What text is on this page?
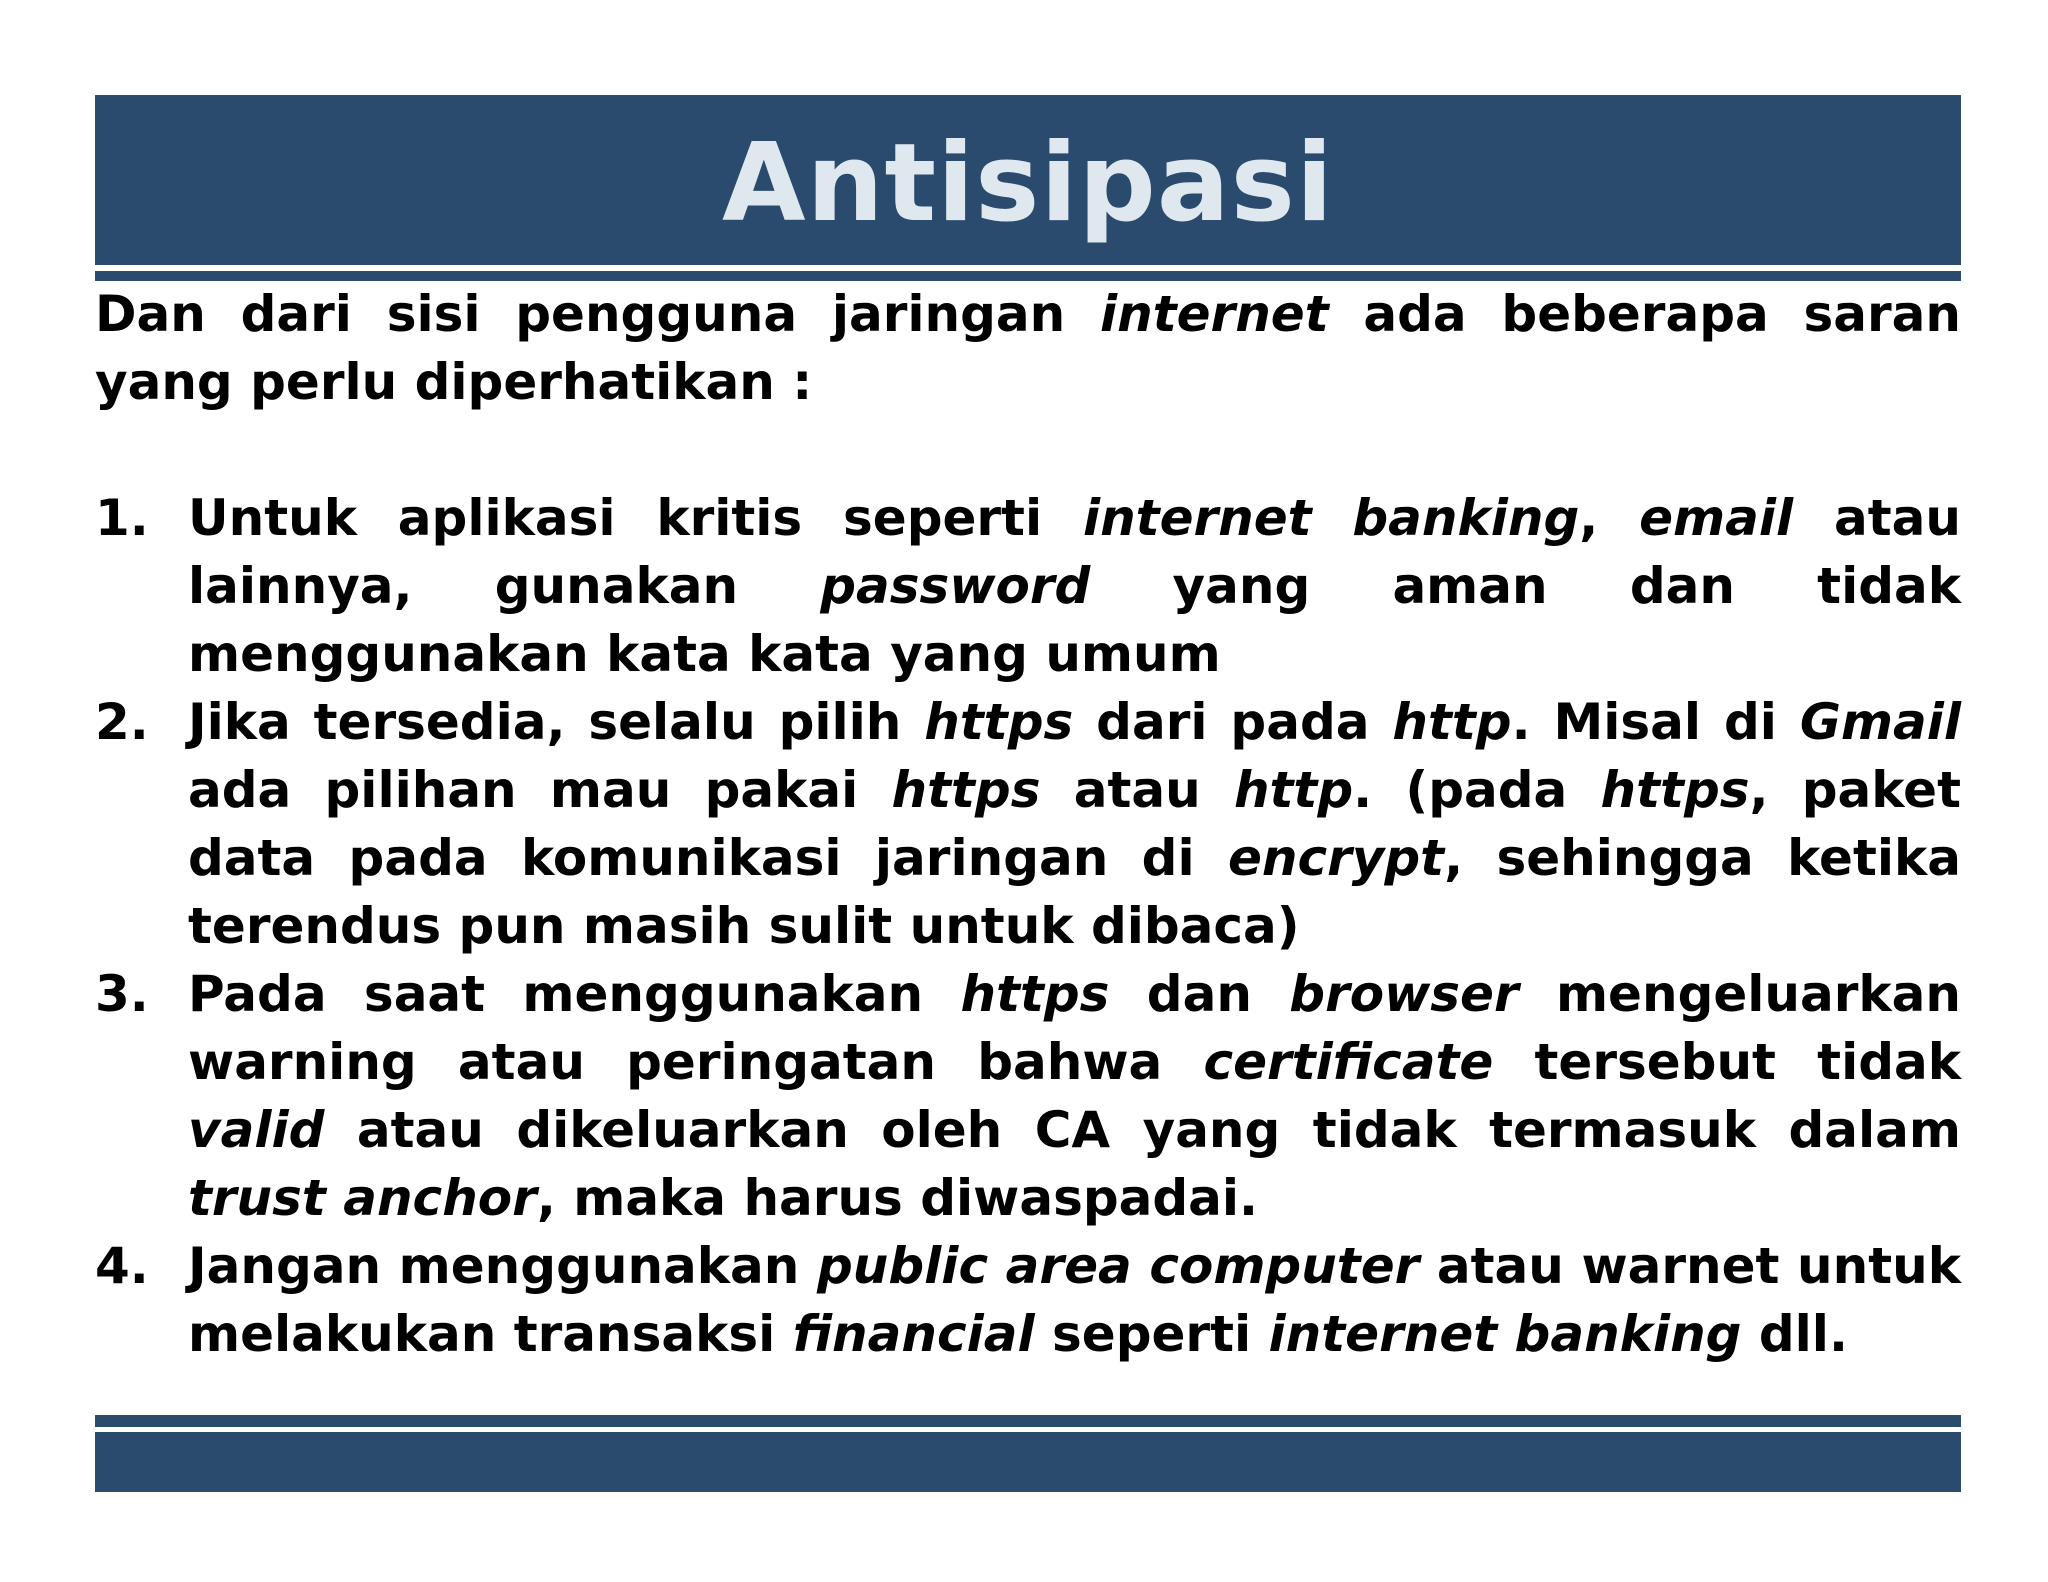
Antisipasi

Dan dari sisi pengguna jaringan internet ada beberapa saran yang perlu diperhatikan :

1. Untuk aplikasi kritis seperti internet banking, email atau lainnya, gunakan password yang aman dan tidak menggunakan kata kata yang umum
2. Jika tersedia, selalu pilih https dari pada http. Misal di Gmail ada pilihan mau pakai https atau http. (pada https, paket data pada komunikasi jaringan di encrypt, sehingga ketika terendus pun masih sulit untuk dibaca)
3. Pada saat menggunakan https dan browser mengeluarkan warning atau peringatan bahwa certificate tersebut tidak valid atau dikeluarkan oleh CA yang tidak termasuk dalam trust anchor, maka harus diwaspadai.
4. Jangan menggunakan public area computer atau warnet untuk melakukan transaksi financial seperti internet banking dll.
